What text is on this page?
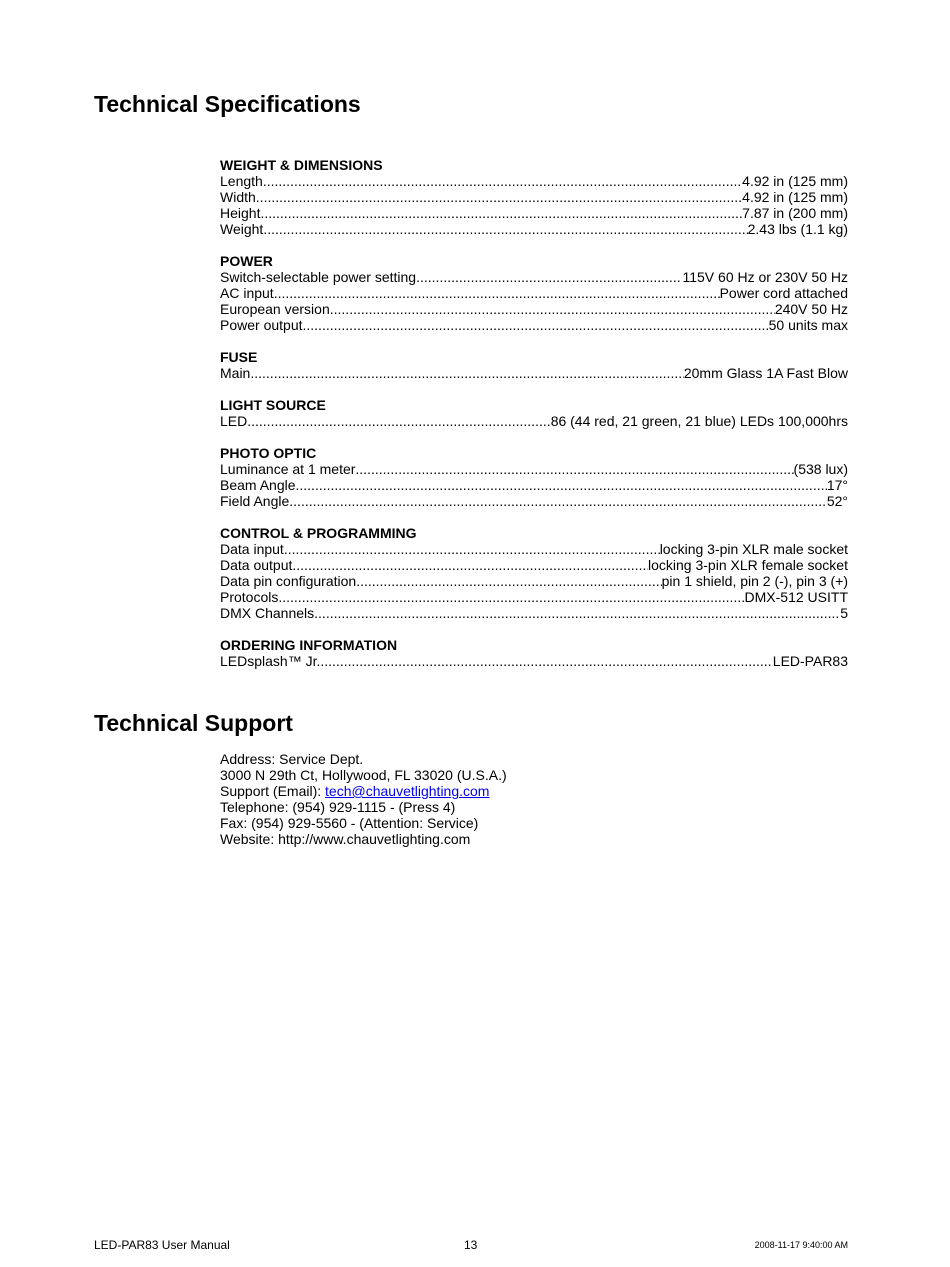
Technical Specifications
WEIGHT & DIMENSIONS
Length .....	4.92 in (125 mm)
Width .....	4.92 in (125 mm)
Height .....	7.87 in (200 mm)
Weight .....	2.43 lbs (1.1 kg)
POWER
Switch-selectable power setting .....	115V 60 Hz or 230V 50 Hz
AC input .....	Power cord attached
European version .....	240V 50 Hz
Power output .....	50 units max
FUSE
Main .....	20mm Glass 1A Fast Blow
LIGHT SOURCE
LED .....	86 (44 red, 21 green, 21 blue) LEDs 100,000hrs
PHOTO OPTIC
Luminance at 1 meter .....	(538 lux)
Beam Angle .....	17°
Field Angle .....	52°
CONTROL & PROGRAMMING
Data input .....	locking 3-pin XLR male socket
Data output .....	locking 3-pin XLR female socket
Data pin configuration .....	pin 1 shield, pin 2 (-), pin 3 (+)
Protocols .....	DMX-512 USITT
DMX Channels .....	5
ORDERING INFORMATION
LEDsplash™ Jr. .....	LED-PAR83
Technical Support
Address: Service Dept.
3000 N 29th Ct, Hollywood, FL 33020 (U.S.A.)
Support (Email): tech@chauvetlighting.com
Telephone: (954) 929-1115 - (Press 4)
Fax: (954) 929-5560 - (Attention: Service)
Website: http://www.chauvetlighting.com
LED-PAR83 User Manual	13	2008-11-17 9:40:00 AM
